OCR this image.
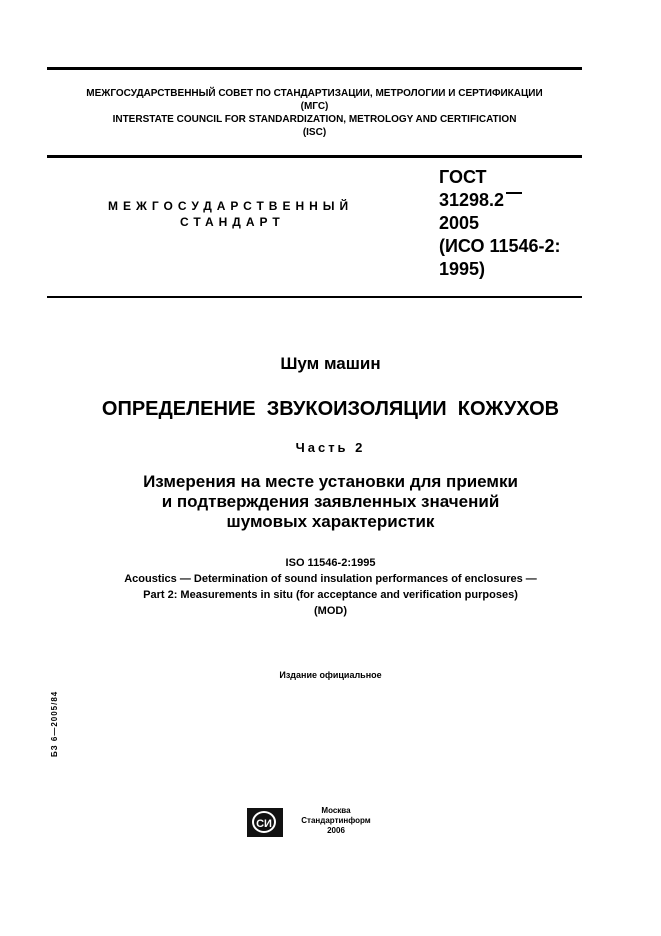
МЕЖГОСУДАРСТВЕННЫЙ СОВЕТ ПО СТАНДАРТИЗАЦИИ, МЕТРОЛОГИИ И СЕРТИФИКАЦИИ
(МГС)
INTERSTATE COUNCIL FOR STANDARDIZATION, METROLOGY AND CERTIFICATION
(ISC)
МЕЖГОСУДАРСТВЕННЫЙ
СТАНДАРТ
ГОСТ
31298.2
2005
(ИСО 11546-2:
1995)
Шум машин
ОПРЕДЕЛЕНИЕ  ЗВУКОИЗОЛЯЦИИ  КОЖУХОВ
Часть 2
Измерения на месте установки для приемки
и подтверждения заявленных значений
шумовых характеристик
ISO 11546-2:1995
Acoustics — Determination of sound insulation performances of enclosures —
Part 2: Measurements in situ (for acceptance and verification purposes)
(MOD)
Издание официальное
БЗ 6—2005/84
СИ
Москва
Стандартинформ
2006
